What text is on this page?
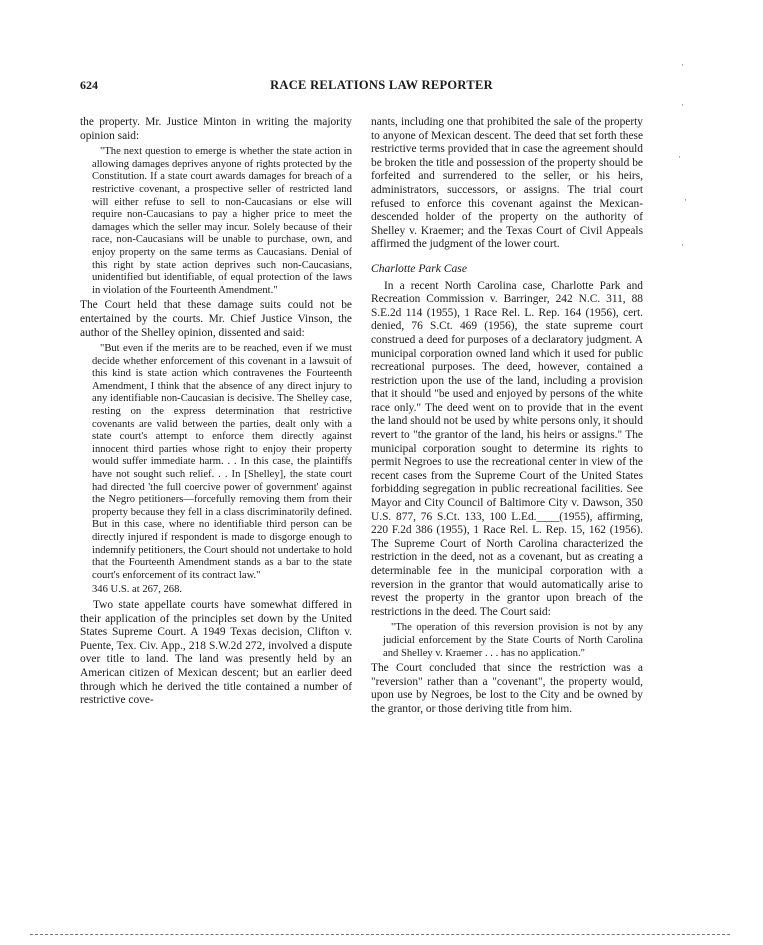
624	RACE RELATIONS LAW REPORTER

the property. Mr. Justice Minton in writing the majority opinion said:

"The next question to emerge is whether the state action in allowing damages deprives anyone of rights protected by the Constitution. If a state court awards damages for breach of a restrictive covenant, a prospective seller of restricted land will either refuse to sell to non-Caucasians or else will require non-Caucasians to pay a higher price to meet the damages which the seller may incur. Solely because of their race, non-Caucasians will be unable to purchase, own, and enjoy property on the same terms as Caucasians. Denial of this right by state action deprives such non-Caucasians, unidentified but identifiable, of equal protection of the laws in violation of the Fourteenth Amendment."

The Court held that these damage suits could not be entertained by the courts. Mr. Chief Justice Vinson, the author of the Shelley opinion, dissented and said:

"But even if the merits are to be reached, even if we must decide whether enforcement of this covenant in a lawsuit of this kind is state action which contravenes the Fourteenth Amendment, I think that the absence of any direct injury to any identifiable non-Caucasian is decisive. The Shelley case, resting on the express determination that restrictive covenants are valid between the parties, dealt only with a state court's attempt to enforce them directly against innocent third parties whose right to enjoy their property would suffer immediate harm. . . In this case, the plaintiffs have not sought such relief. . . In [Shelley], the state court had directed 'the full coercive power of government' against the Negro petitioners—forcefully removing them from their property because they fell in a class discriminatorily defined. But in this case, where no identifiable third person can be directly injured if respondent is made to disgorge enough to indemnify petitioners, the Court should not undertake to hold that the Fourteenth Amendment stands as a bar to the state court's enforcement of its contract law."

346 U.S. at 267, 268.

Two state appellate courts have somewhat differed in their application of the principles set down by the United States Supreme Court. A 1949 Texas decision, Clifton v. Puente, Tex. Civ. App., 218 S.W.2d 272, involved a dispute over title to land. The land was presently held by an American citizen of Mexican descent; but an earlier deed through which he derived the title contained a number of restrictive cove-

nants, including one that prohibited the sale of the property to anyone of Mexican descent. The deed that set forth these restrictive terms provided that in case the agreement should be broken the title and possession of the property should be forfeited and surrendered to the seller, or his heirs, administrators, successors, or assigns. The trial court refused to enforce this covenant against the Mexican-descended holder of the property on the authority of Shelley v. Kraemer; and the Texas Court of Civil Appeals affirmed the judgment of the lower court.

Charlotte Park Case

In a recent North Carolina case, Charlotte Park and Recreation Commission v. Barringer, 242 N.C. 311, 88 S.E.2d 114 (1955), 1 Race Rel. L. Rep. 164 (1956), cert. denied, 76 S.Ct. 469 (1956), the state supreme court construed a deed for purposes of a declaratory judgment. A municipal corporation owned land which it used for public recreational purposes. The deed, however, contained a restriction upon the use of the land, including a provision that it should "be used and enjoyed by persons of the white race only." The deed went on to provide that in the event the land should not be used by white persons only, it should revert to "the grantor of the land, his heirs or assigns." The municipal corporation sought to determine its rights to permit Negroes to use the recreational center in view of the recent cases from the Supreme Court of the United States forbidding segregation in public recreational facilities. See Mayor and City Council of Baltimore City v. Dawson, 350 U.S. 877, 76 S.Ct. 133, 100 L.Ed.____(1955), affirming, 220 F.2d 386 (1955), 1 Race Rel. L. Rep. 15, 162 (1956). The Supreme Court of North Carolina characterized the restriction in the deed, not as a covenant, but as creating a determinable fee in the municipal corporation with a reversion in the grantor that would automatically arise to revest the property in the grantor upon breach of the restrictions in the deed. The Court said:

"The operation of this reversion provision is not by any judicial enforcement by the State Courts of North Carolina and Shelley v. Kraemer . . . has no application."

The Court concluded that since the restriction was a "reversion" rather than a "covenant", the property would, upon use by Negroes, be lost to the City and be owned by the grantor, or those deriving title from him.

·
·
·
·
·
